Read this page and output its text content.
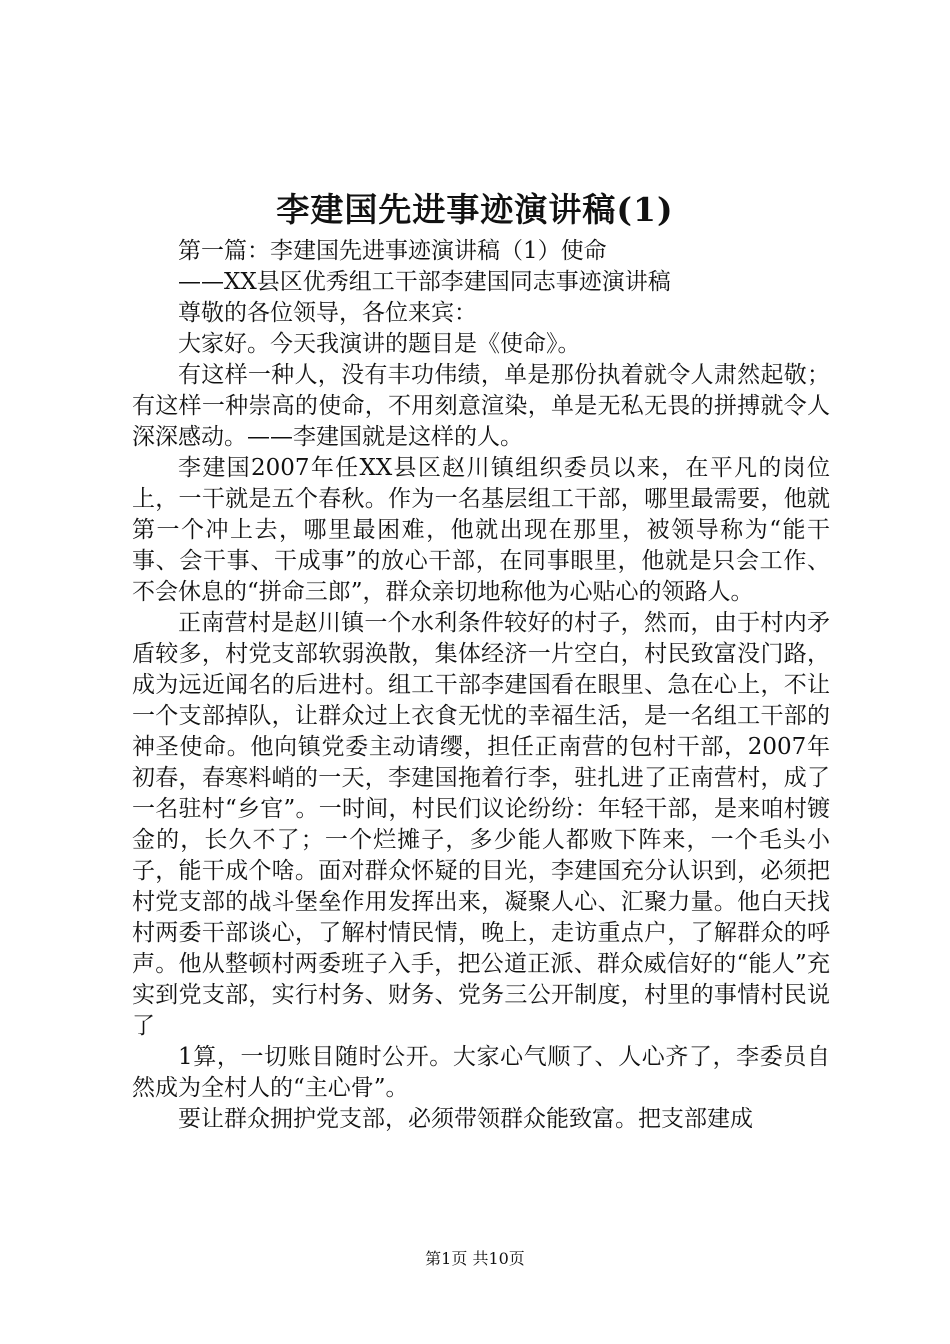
李建国先进事迹演讲稿(1)

第一篇：李建国先进事迹演讲稿（1）使命

——XX县区优秀组工干部李建国同志事迹演讲稿

尊敬的各位领导，各位来宾：

大家好。今天我演讲的题目是《使命》。

有这样一种人，没有丰功伟绩，单是那份执着就令人肃然起敬；有这样一种崇高的使命，不用刻意渲染，单是无私无畏的拼搏就令人深深感动。——李建国就是这样的人。

李建国2007年任XX县区赵川镇组织委员以来，在平凡的岗位上，一干就是五个春秋。作为一名基层组工干部，哪里最需要，他就第一个冲上去，哪里最困难，他就出现在那里，被领导称为“能干事、会干事、干成事”的放心干部，在同事眼里，他就是只会工作、不会休息的“拼命三郎”，群众亲切地称他为心贴心的领路人。

正南营村是赵川镇一个水利条件较好的村子，然而，由于村内矛盾较多，村党支部软弱涣散，集体经济一片空白，村民致富没门路，成为远近闻名的后进村。组工干部李建国看在眼里、急在心上，不让一个支部掉队，让群众过上衣食无忧的幸福生活，是一名组工干部的神圣使命。他向镇党委主动请缨，担任正南营的包村干部，2007年初春，春寒料峭的一天，李建国拖着行李，驻扎进了正南营村，成了一名驻村“乡官”。一时间，村民们议论纷纷：年轻干部，是来咱村镀金的，长久不了；一个烂摊子，多少能人都败下阵来，一个毛头小子，能干成个啥。面对群众怀疑的目光，李建国充分认识到，必须把村党支部的战斗堡垒作用发挥出来，凝聚人心、汇聚力量。他白天找村两委干部谈心，了解村情民情，晚上，走访重点户，了解群众的呼声。他从整顿村两委班子入手，把公道正派、群众威信好的“能人”充实到党支部，实行村务、财务、党务三公开制度，村里的事情村民说了

1算，一切账目随时公开。大家心气顺了、人心齐了，李委员自然成为全村人的“主心骨”。

要让群众拥护党支部，必须带领群众能致富。把支部建成

第1页 共10页
